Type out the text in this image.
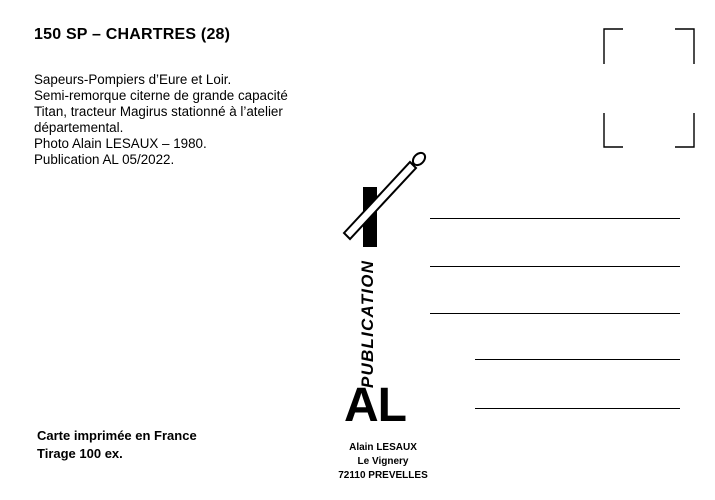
150 SP – CHARTRES (28)
Sapeurs-Pompiers d’Eure et Loir.
Semi-remorque citerne de grande capacité
Titan, tracteur Magirus stationné à l’atelier
départemental.
Photo Alain LESAUX – 1980.
Publication AL 05/2022.
Carte imprimée en France
Tirage 100 ex.
PUBLICATION
AL
Alain LESAUX
Le Vignery
72110 PREVELLES
